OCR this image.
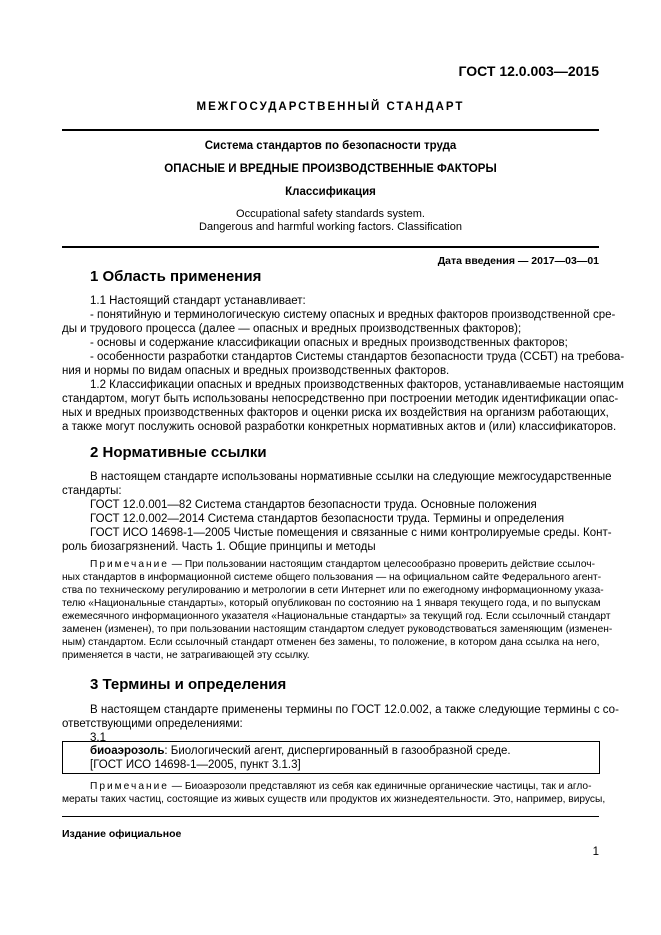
ГОСТ 12.0.003—2015
МЕЖГОСУДАРСТВЕННЫЙ СТАНДАРТ
Система стандартов по безопасности труда
ОПАСНЫЕ И ВРЕДНЫЕ ПРОИЗВОДСТВЕННЫЕ ФАКТОРЫ
Классификация
Occupational safety standards system.
Dangerous and harmful working factors. Classification
Дата введения — 2017—03—01
1 Область применения
1.1 Настоящий стандарт устанавливает:
- понятийную и терминологическую систему опасных и вредных факторов производственной сре-
ды и трудового процесса (далее — опасных и вредных производственных факторов);
- основы и содержание классификации опасных и вредных производственных факторов;
- особенности разработки стандартов Системы стандартов безопасности труда (ССБТ) на требова-
ния и нормы по видам опасных и вредных производственных факторов.
1.2 Классификации опасных и вредных производственных факторов, устанавливаемые настоящим
стандартом, могут быть использованы непосредственно при построении методик идентификации опас-
ных и вредных производственных факторов и оценки риска их воздействия на организм работающих,
а также могут послужить основой разработки конкретных нормативных актов и (или) классификаторов.
2 Нормативные ссылки
В настоящем стандарте использованы нормативные ссылки на следующие межгосударственные
стандарты:
ГОСТ 12.0.001—82 Система стандартов безопасности труда. Основные положения
ГОСТ 12.0.002—2014 Система стандартов безопасности труда. Термины и определения
ГОСТ ИСО 14698-1—2005 Чистые помещения и связанные с ними контролируемые среды. Конт-
роль биозагрязнений. Часть 1. Общие принципы и методы
Примечание — При пользовании настоящим стандартом целесообразно проверить действие ссылоч-
ных стандартов в информационной системе общего пользования — на официальном сайте Федерального агент-
ства по техническому регулированию и метрологии в сети Интернет или по ежегодному информационному указа-
телю «Национальные стандарты», который опубликован по состоянию на 1 января текущего года, и по выпускам
ежемесячного информационного указателя «Национальные стандарты» за текущий год. Если ссылочный стандарт
заменен (изменен), то при пользовании настоящим стандартом следует руководствоваться заменяющим (изменен-
ным) стандартом. Если ссылочный стандарт отменен без замены, то положение, в котором дана ссылка на него,
применяется в части, не затрагивающей эту ссылку.
3 Термины и определения
В настоящем стандарте применены термины по ГОСТ 12.0.002, а также следующие термины с со-
ответствующими определениями:
3.1
биоаэрозоль: Биологический агент, диспергированный в газообразной среде.
[ГОСТ ИСО 14698-1—2005, пункт 3.1.3]
Примечание — Биоаэрозоли представляют из себя как единичные органические частицы, так и агло-
мераты таких частиц, состоящие из живых существ или продуктов их жизнедеятельности. Это, например, вирусы,
Издание официальное
1
